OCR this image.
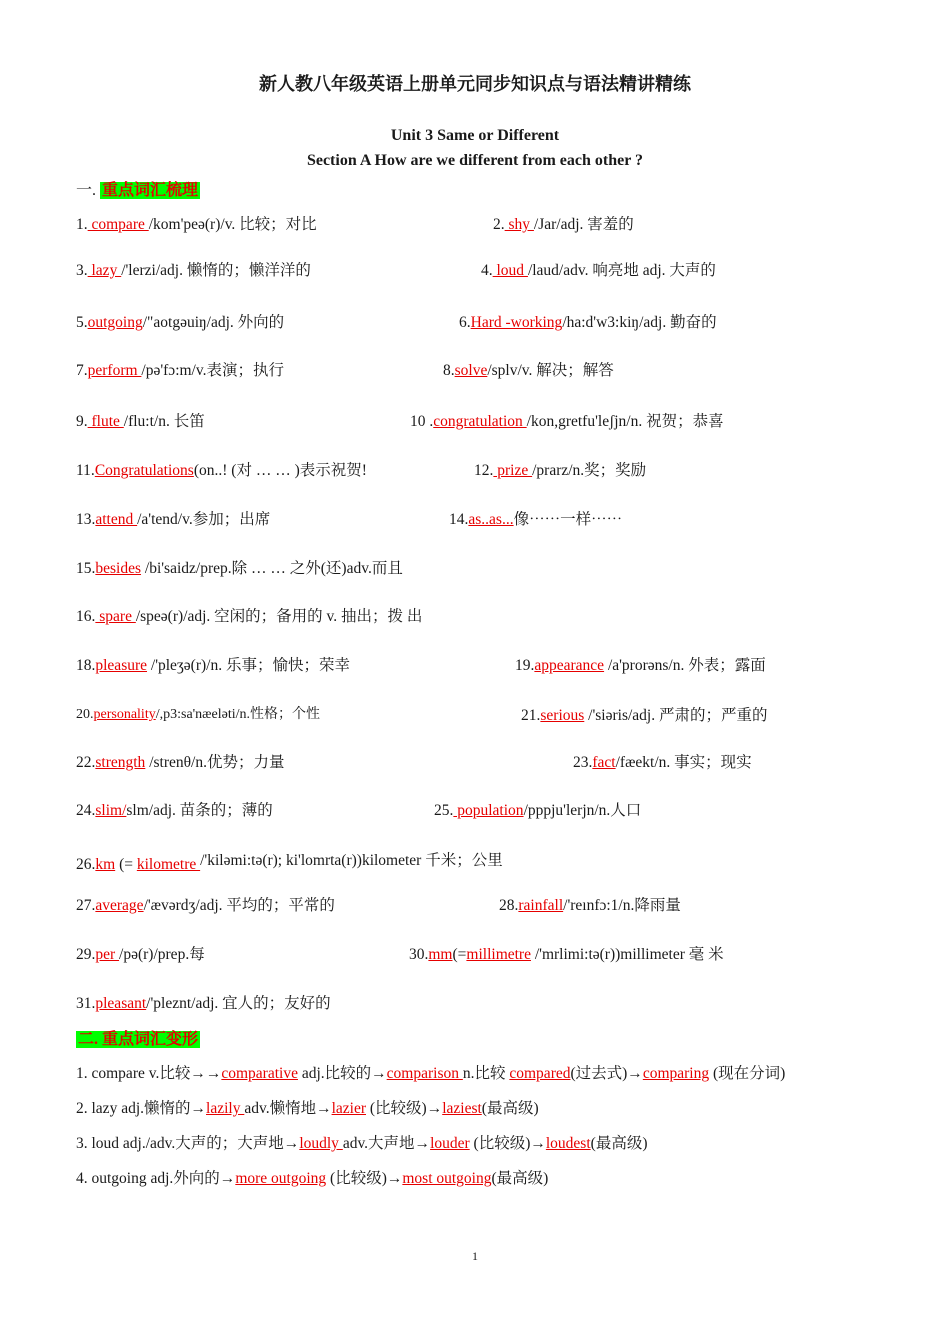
新人教八年级英语上册单元同步知识点与语法精讲精练
Unit 3 Same or Different
Section A How are we different from each other ?
一. 重点词汇梳理
1. compare /kom'peə(r)/v. 比较；对比	2. shy /Jar/adj. 害羞的
3. lazy /'lerzi/adj. 懒惰的；懒洋洋的	4. loud /laud/adv. 响亮地 adj. 大声的
5.outgoing/"aotgəuiŋ/adj. 外向的	6.Hard -working/ha:d'w3:kiŋ/adj. 勤奋的
7.perform /pə'fɔ:m/v.表演；执行	8.solve/splv/v. 解决；解答
9. flute /flu:t/n. 长笛	10 .congratulation /kon,gretfu'leʃjn/n. 祝贺；恭喜
11.Congratulations(on..! (对 … … )表示祝贺!	12. prize /prarz/n.奖；奖励
13.attend /a'tend/v.参加；出席	14.as..as...像⋯⋯一样⋯⋯
15.besides /bi'saidz/prep.除 … … 之外(还)adv.而且
16. spare /speə(r)/adj. 空闲的；备用的 v. 抽出；拨 出
18.pleasure /'pleʒə(r)/n. 乐事；愉快；荣幸	19.appearance /a'prorəns/n. 外表；露面
20.personality/,p3:sa'næeləti/n.性格；个性	21.serious /'siəris/adj. 严肃的；严重的
22.strength /strenθ/n.优势；力量	23.fact/fæekt/n. 事实；现实
24.slim/slm/adj. 苗条的；薄的	25. population/pppju'lerjn/n.人口
26.km (= kilometre /'kiləmi:tə(r); ki'lomrta(r))kilometer 千米；公里
27.average/'ævərdʒ/adj. 平均的；平常的	28.rainfall/'reınfɔ:1/n.降雨量
29.per /pə(r)/prep.每	30.mm(=millimetre /'mrlimi:tə(r))millimeter 毫 米
31.pleasant/'pleznt/adj. 宜人的；友好的
二. 重点词汇变形
1. compare v.比较→→comparative adj.比较的→comparison n.比较 compared(过去式)→comparing (现在分词)
2. lazy adj.懒惰的→lazily adv.懒惰地→lazier (比较级)→laziest(最高级)
3. loud adj./adv.大声的；大声地→loudly adv.大声地→louder (比较级)→loudest(最高级)
4. outgoing adj.外向的→more outgoing (比较级)→most outgoing(最高级)
1
